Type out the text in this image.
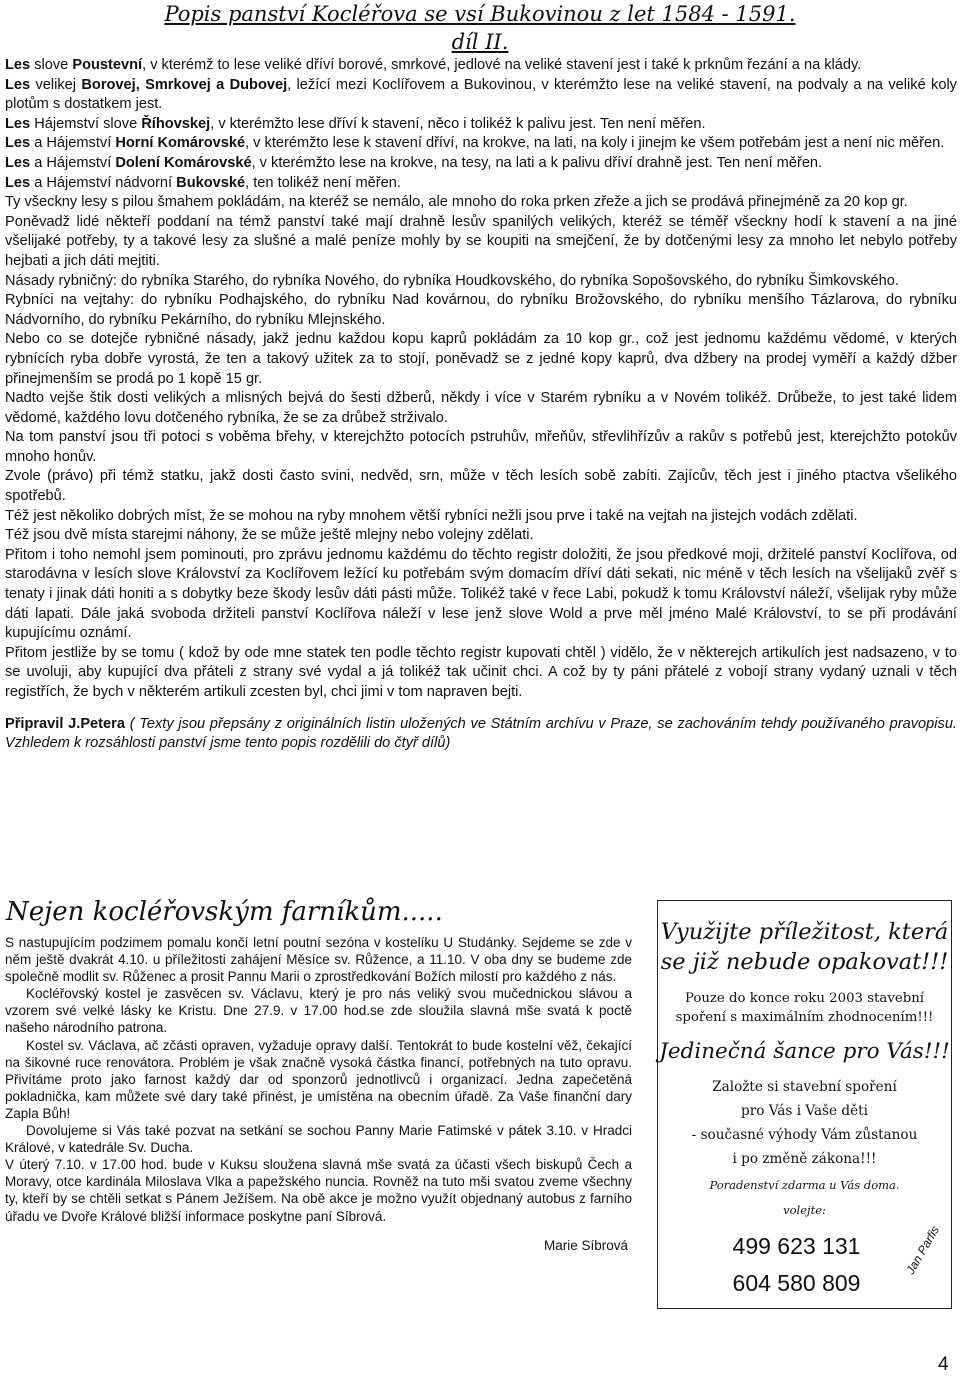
Popis panství Kocléřova se vsí Bukovinou z let 1584 - 1591.
díl II.

Les slove Poustevní, v kterémž to lese veliké dříví borové, smrkové, jedlové na veliké stavení jest i také k prknům řezání a na klády.

Les velikej Borovej, Smrkovej a Dubovej, ležící mezi Koclířovem a Bukovinou, v kterémžto lese na veliké stavení, na podvaly a na veliké koly plotům s dostatkem jest.

Les Hájemství slove Říhovskej, v kterémžto lese dříví k stavení, něco i tolikéž k palivu jest. Ten není měřen.

Les a Hájemství Horní Komárovské, v kterémžto lese k stavení dříví, na krokve, na lati, na koly i jinejm ke všem potřebám jest a není nic měřen.

Les a Hájemství Dolení Komárovské, v kterémžto lese na krokve, na tesy, na lati a k palivu dříví drahně jest. Ten není měřen.

Les a Hájemství nádvorní Bukovské, ten tolikéž není měřen.

Ty všeckny lesy s pilou šmahem pokládám, na kteréž se nemálo, ale mnoho do roka prken zřeže a jich se prodává přinejméně za 20 kop gr.

Poněvadž lidé někteří poddaní na témž panství také mají drahně lesův spanilých velikých, kteréž se téměř všeckny hodí k stavení a na jiné všelijaké potřeby, ty a takové lesy za slušné a malé peníze mohly by se koupiti na smejčení, že by dotčenými lesy za mnoho let nebylo potřeby hejbati a jich dáti mejtiti.

Násady rybničný: do rybníka Starého, do rybníka Nového, do rybníka Houdkovského, do rybníka Sopošovského, do rybníku Šimkovského.

Rybníci na vejtahy: do rybníku Podhajského, do rybníku Nad kovárnou, do rybníku Brožovského, do rybníku menšího Tázlarova, do rybníku Nádvorního, do rybníku Pekárního, do rybníku Mlejnského.

Nebo co se dotejče rybničné násady, jakž jednu každou kopu kaprů pokládám za 10 kop gr., což jest jednomu každému vědomé, v kterých rybnících ryba dobře vyrostá, že ten a takový užitek za to stojí, poněvadž se z jedné kopy kaprů, dva džbery na prodej vyměří a každý džber přinejmenším se prodá po 1 kopě 15 gr.

Nadto vejše štik dosti velikých a mlisných bejvá do šesti džberů, někdy i více v Starém rybníku a v Novém tolikéž. Drůbeže, to jest také lidem vědomé, každého lovu dotčeného rybníka, že se za drůbež strživalo.

Na tom panství jsou tři potoci s voběma břehy, v kterejchžto potocích pstruhův, mřeňův, střevlihřízův a rakův s potřebů jest, kterejchžto potokův mnoho honův.

Zvole (právo) při témž statku, jakž dosti často svini, nedvěd, srn, může v těch lesích sobě zabíti. Zajícův, těch jest i jiného ptactva všelikého spotřebů.

Též jest několiko dobrých míst, že se mohou na ryby mnohem větší rybníci nežli jsou prve i také na vejtah na jistejch vodách zdělati.

Též jsou dvě místa starejmi náhony, že se může ještě mlejny nebo volejny zdělati.

Přitom i toho nemohl jsem pominouti, pro zprávu jednomu každému do těchto registr doložiti, že jsou předkové moji, držitelé panství Koclířova, od starodávna v lesích slove Království za Koclířovem ležící ku potřebám svým domacím dříví dáti sekati, nic méně v těch lesích na všelijaků zvěř s tenaty i jinak dáti honiti a s dobytky beze škody lesův dáti pásti může. Tolikéž také v řece Labi, pokudž k tomu Království náleží, všelijak ryby může dáti lapati. Dále jaká svoboda držiteli panství Koclířova náleží v lese jenž slove Wold a prve měl jméno Malé Království, to se při prodávání kupujícímu oznámí.

Přitom jestliže by se tomu ( kdož by ode mne statek ten podle těchto registr kupovati chtěl ) vidělo, že v některejch artikulích jest nadsazeno, v to se uvoluji, aby kupující dva přáteli z strany své vydal a já tolikéž tak učinit chci. A což by ty páni přátelé z vobojí strany vydaný uznali v těch registřích, že bych v některém artikuli zcesten byl, chci jimi v tom napraven bejti.

Připravil J.Petera ( Texty jsou přepsány z originálních listin uložených ve Státním archívu v Praze, se zachováním tehdy používaného pravopisu. Vzhledem k rozsáhlosti panství jsme tento popis rozdělili do čtyř dílů)

Nejen kocléřovským farníkům.....

S nastupujícím podzimem pomalu končí letní poutní sezóna v kostelíku U Studánky. Sejdeme se zde v něm ještě dvakrát 4.10. u příležitosti zahájení Měsíce sv. Růžence, a 11.10. V oba dny se budeme zde společně modlit sv. Růženec a prosit Pannu Marii o zprostředkování Božích milostí pro každého z nás.

Kocléřovský kostel je zasvěcen sv. Václavu, který je pro nás veliký svou mučednickou slávou a vzorem své velké lásky ke Kristu. Dne 27.9. v 17.00 hod.se zde sloužila slavná mše svatá k poctě našeho národního patrona.

Kostel sv. Václava, ač zčásti opraven, vyžaduje opravy další. Tentokrát to bude kostelní věž, čekající na šikovné ruce renovátora. Problém je však značně vysoká částka financí, potřebných na tuto opravu. Přivítáme proto jako farnost každý dar od sponzorů jednotlivců i organizací. Jedna zapečetěná pokladnička, kam můžete své dary také přinést, je umístěna na obecním úřadě. Za Vaše finanční dary Zapla Bůh!

Dovolujeme si Vás také pozvat na setkání se sochou Panny Marie Fatimské v pátek 3.10. v Hradci Králové, v katedrále Sv. Ducha.

V úterý 7.10. v 17.00 hod. bude v Kuksu sloužena slavná mše svatá za účasti všech biskupů Čech a Moravy, otce kardinála Miloslava Vlka a papežského nuncia. Rovněž na tuto mši svatou zveme všechny ty, kteří by se chtěli setkat s Pánem Ježíšem. Na obě akce je možno využít objednaný autobus z farního úřadu ve Dvoře Králové bližší informace poskytne paní Síbrová.

Marie Síbrová

Využijte příležitost, která se již nebude opakovat!!!
Pouze do konce roku 2003 stavební
spoření s maximálním zhodnocením!!!
Jedinečná šance pro Vás!!!
Založte si stavební spoření
pro Vás i Vaše děti
- současné výhody Vám zůstanou
i po změně zákona!!!
Poradenství zdarma u Vás doma.
volejte:
499 623 131
604 580 809
Jan Parfis
4
